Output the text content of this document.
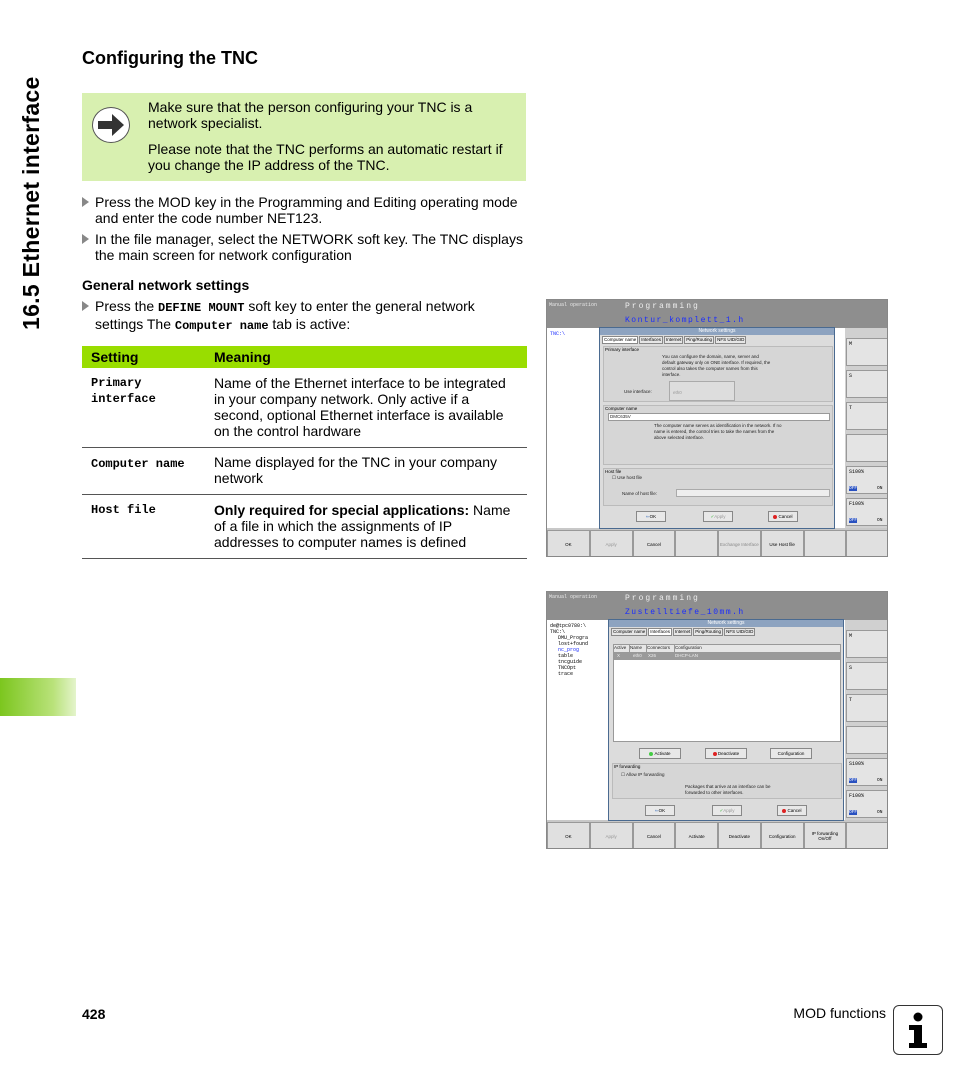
16.5 Ethernet interface
Configuring the TNC

Make sure that the person configuring your TNC is a network specialist.

Please note that the TNC performs an automatic restart if you change the IP address of the TNC.

Press the MOD key in the Programming and Editing operating mode and enter the code number NET123.
In the file manager, select the NETWORK soft key. The TNC displays the main screen for network configuration
General network settings
Press the DEFINE MOUNT soft key to enter the general network settings The Computer name tab is active:
Setting	Meaning
Primary interface	Name of the Ethernet interface to be integrated in your company network. Only active if a second, optional Ethernet interface is available on the control hardware
Computer name	Name displayed for the TNC in your company network
Host file	Only required for special applications: Name of a file in which the assignments of IP addresses to computer names is defined
Manual operation	Programming
Kontur_komplett_1.h
TNC:\
M
S
T
S100%
OFF	ON
F100%
OFF	ON
Network settings
Computer name	Interfaces	Internet	Ping/Routing	NFS UID/GID
Primary interface
You can configure the domain, name, server and default gateway only on ONE interface. If required, the control also takes the computer names from this interface.
Use interface:	eth0
Computer name
DMC635V
The computer name serves as identification in the network. If no name is entered, the control tries to take the names from the above selected interface.
Host file
☐ Use host file
Name of host file:
⇐OK	✔Apply	Cancel
OK	Apply	Cancel	Exchange Interface	Use Host file
Manual operation	Programming
Zustelltiefe_10mm.h
de@tpc0780:\
TNC:\
DMU_Progra
lost+found
nc_prog
table
tncguide
TNCOpt
trace
M
S
T
S100%
OFF	ON
F100%
OFF	ON
Network settings
Computer name	Interfaces	Internet	Ping/Routing	NFS UID/GID
Active Name	Connectors	Configuration
X	eth0	X26	DHCP-LAN
Activate	Deactivate	Configuration
IP forwarding
☐ Allow IP forwarding
Packages that arrive at an interface can be forwarded to other interfaces.
⇐OK	✔Apply	Cancel
OK	Apply	Cancel	Activate	Deactivate	Configuration	IP forwarding On/Off
428	MOD functions
